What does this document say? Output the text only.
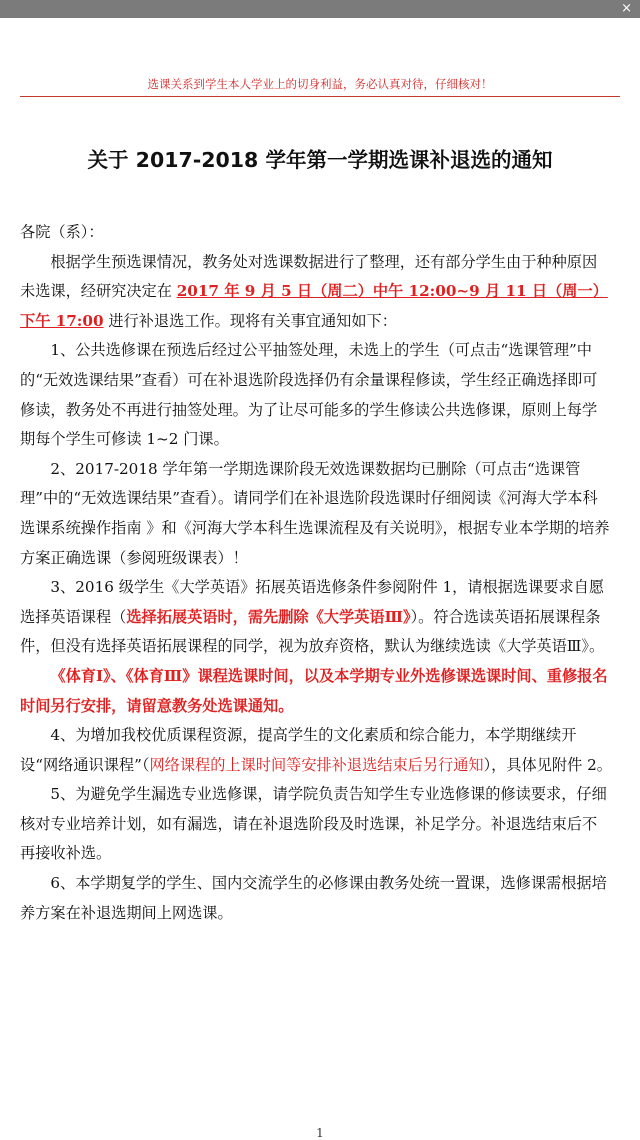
×
选课关系到学生本人学业上的切身利益，务必认真对待，仔细核对！
关于 2017-2018 学年第一学期选课补退选的通知

各院（系）：

根据学生预选课情况，教务处对选课数据进行了整理，还有部分学生由于种种原因未选课，经研究决定在 2017 年 9 月 5 日（周二）中午 12:00~9 月 11 日（周一）下午 17:00 进行补退选工作。现将有关事宜通知如下：

1、公共选修课在预选后经过公平抽签处理，未选上的学生（可点击“选课管理”中的“无效选课结果”查看）可在补退选阶段选择仍有余量课程修读，学生经正确选择即可修读，教务处不再进行抽签处理。为了让尽可能多的学生修读公共选修课，原则上每学期每个学生可修读 1~2 门课。

2、2017-2018 学年第一学期选课阶段无效选课数据均已删除（可点击“选课管理”中的“无效选课结果”查看）。请同学们在补退选阶段选课时仔细阅读《河海大学本科选课系统操作指南 》和《河海大学本科生选课流程及有关说明》，根据专业本学期的培养方案正确选课（参阅班级课表）！

3、2016 级学生《大学英语》拓展英语选修条件参阅附件 1，请根据选课要求自愿选择英语课程（选择拓展英语时，需先删除《大学英语Ⅲ》）。符合选读英语拓展课程条件，但没有选择英语拓展课程的同学，视为放弃资格，默认为继续选读《大学英语Ⅲ》。

《体育Ⅰ》、《体育Ⅲ》课程选课时间，以及本学期专业外选修课选课时间、重修报名时间另行安排，请留意教务处选课通知。

4、为增加我校优质课程资源，提高学生的文化素质和综合能力，本学期继续开设“网络通识课程”（网络课程的上课时间等安排补退选结束后另行通知），具体见附件 2。

5、为避免学生漏选专业选修课，请学院负责告知学生专业选修课的修读要求，仔细核对专业培养计划，如有漏选，请在补退选阶段及时选课，补足学分。补退选结束后不再接收补选。

6、本学期复学的学生、国内交流学生的必修课由教务处统一置课，选修课需根据培养方案在补退选期间上网选课。

1
